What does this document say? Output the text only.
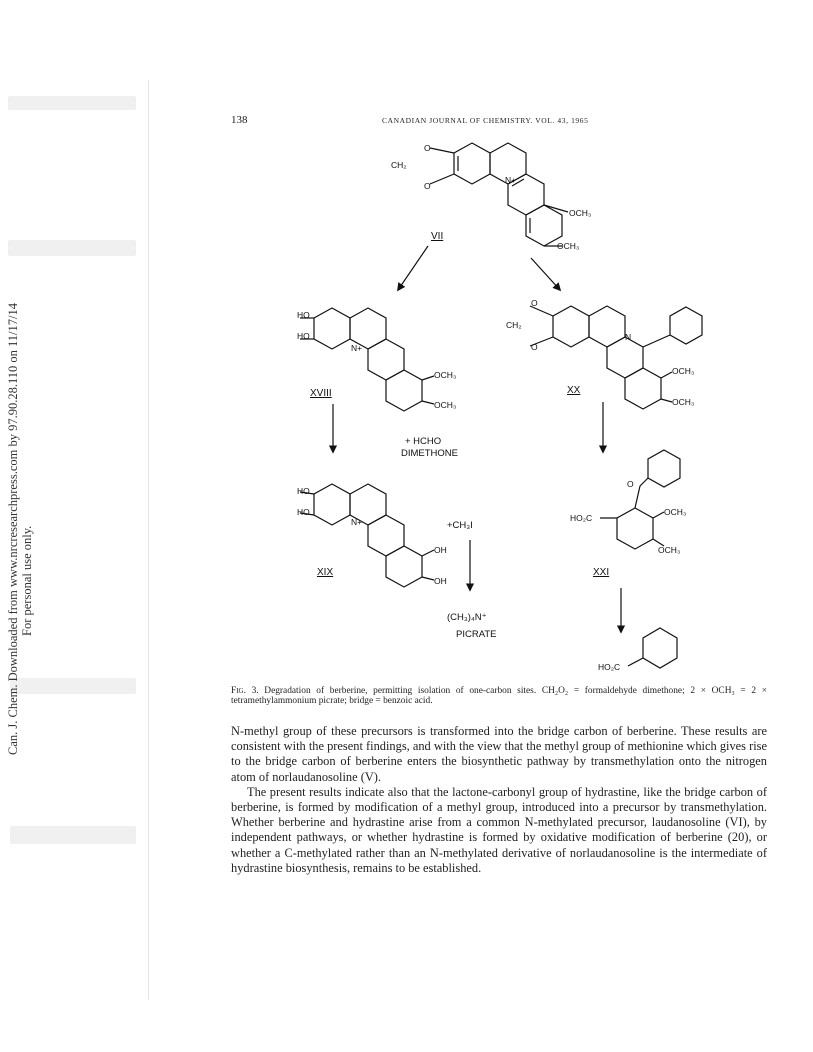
Can. J. Chem. Downloaded from www.nrcresearchpress.com by 97.90.28.110 on 11/17/14 For personal use only.
138	CANADIAN JOURNAL OF CHEMISTRY. VOL. 43, 1965
VII
XVIII	XX
XIX	XXI
O
CH₂
O
N+
OCH₃
OCH₃
HO
HO
N+
OCH₃
OCH₃
O
CH₂
O
N
OCH₃
OCH₃
HO
HO
N+
OH
OH
O
HO₂C
OCH₃
OCH₃
HO₂C
+ HCHO
DIMETHONE
+CH₃I
(CH₃)₄N⁺
PICRATE
Fig. 3. Degradation of berberine, permitting isolation of one-carbon sites. CH₂O₂ = formaldehyde dimethone; 2 × OCH₃ = 2 × tetramethylammonium picrate; bridge = benzoic acid.

N-methyl group of these precursors is transformed into the bridge carbon of berberine. These results are consistent with the present findings, and with the view that the methyl group of methionine which gives rise to the bridge carbon of berberine enters the biosynthetic pathway by transmethylation onto the nitrogen atom of norlaudanosoline (V).

The present results indicate also that the lactone-carbonyl group of hydrastine, like the bridge carbon of berberine, is formed by modification of a methyl group, introduced into a precursor by transmethylation. Whether berberine and hydrastine arise from a common N-methylated precursor, laudanosoline (VI), by independent pathways, or whether hydrastine is formed by oxidative modification of berberine (20), or whether a C-methylated rather than an N-methylated derivative of norlaudanosoline is the intermediate of hydrastine biosynthesis, remains to be established.
